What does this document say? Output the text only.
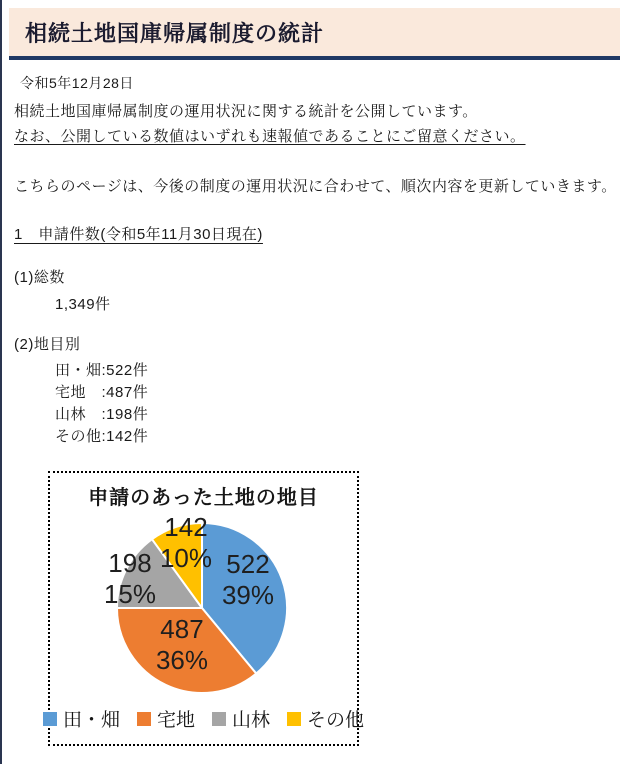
相続土地国庫帰属制度の統計
令和5年12月28日
相続土地国庫帰属制度の運用状況に関する統計を公開しています。
なお、公開している数値はいずれも速報値であることにご留意ください。
こちらのページは、今後の制度の運用状況に合わせて、順次内容を更新していきます。
1　申請件数(令和5年11月30日現在)
(1)総数
1,349件
(2)地目別
田・畑:522件
宅地　:487件
山林　:198件
その他:142件
申請のあった土地の地目
522
39%
487
36%
198
15%
142
10%
田・畑 宅地 山林 その他
